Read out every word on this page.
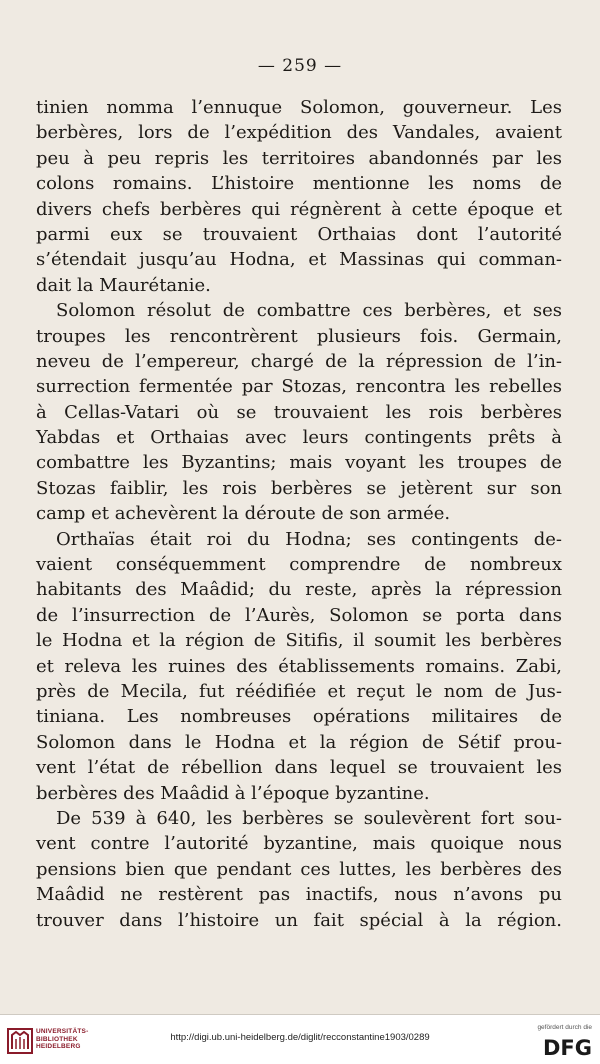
— 259 —
tinien nomma l’ennuque Solomon, gouverneur. Les
berbères, lors de l’expédition des Vandales, avaient
peu à peu repris les territoires abandonnés par les
colons romains. L’histoire mentionne les noms de
divers chefs berbères qui régnèrent à cette époque et
parmi eux se trouvaient Orthaias dont l’autorité
s’étendait jusqu’au Hodna, et Massinas qui comman-
dait la Maurétanie.
Solomon résolut de combattre ces berbères, et ses
troupes les rencontrèrent plusieurs fois. Germain,
neveu de l’empereur, chargé de la répression de l’in-
surrection fermentée par Stozas, rencontra les rebelles
à Cellas-Vatari où se trouvaient les rois berbères
Yabdas et Orthaias avec leurs contingents prêts à
combattre les Byzantins; mais voyant les troupes de
Stozas faiblir, les rois berbères se jetèrent sur son
camp et achevèrent la déroute de son armée.
Orthaïas était roi du Hodna; ses contingents de-
vaient conséquemment comprendre de nombreux
habitants des Maâdid; du reste, après la répression
de l’insurrection de l’Aurès, Solomon se porta dans
le Hodna et la région de Sitifis, il soumit les berbères
et releva les ruines des établissements romains. Zabi,
près de Mecila, fut réédifiée et reçut le nom de Jus-
tiniana. Les nombreuses opérations militaires de
Solomon dans le Hodna et la région de Sétif prou-
vent l’état de rébellion dans lequel se trouvaient les
berbères des Maâdid à l’époque byzantine.
De 539 à 640, les berbères se soulevèrent fort sou-
vent contre l’autorité byzantine, mais quoique nous
pensions bien que pendant ces luttes, les berbères des
Maâdid ne restèrent pas inactifs, nous n’avons pu
trouver dans l’histoire un fait spécial à la région.
UNIVERSITÄTS-
BIBLIOTHEK
HEIDELBERG
http://digi.ub.uni-heidelberg.de/diglit/recconstantine1903/0289
gefördert durch die
DFG
